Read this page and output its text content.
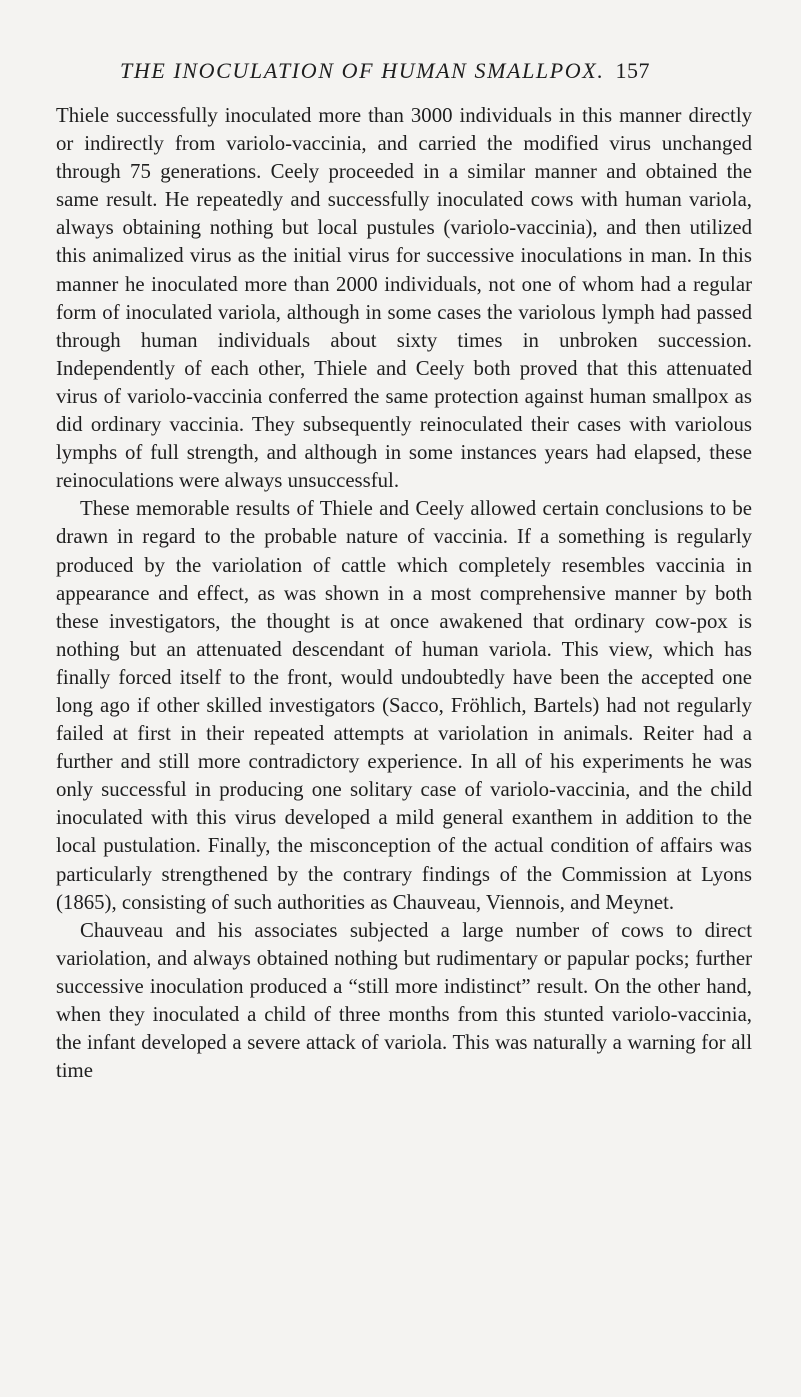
THE INOCULATION OF HUMAN SMALLPOX. 157

Thiele successfully inoculated more than 3000 individuals in this manner directly or indirectly from variolo-vaccinia, and carried the modified virus unchanged through 75 generations. Ceely proceeded in a similar manner and obtained the same result. He repeatedly and successfully inoculated cows with human variola, always obtaining nothing but local pustules (variolo-vaccinia), and then utilized this animalized virus as the initial virus for successive inoculations in man. In this manner he inoculated more than 2000 individuals, not one of whom had a regular form of inoculated variola, although in some cases the variolous lymph had passed through human individuals about sixty times in unbroken succession. Independently of each other, Thiele and Ceely both proved that this attenuated virus of variolo-vaccinia conferred the same protection against human smallpox as did ordinary vaccinia. They subsequently reinoculated their cases with variolous lymphs of full strength, and although in some instances years had elapsed, these reinoculations were always unsuccessful.

These memorable results of Thiele and Ceely allowed certain conclusions to be drawn in regard to the probable nature of vaccinia. If a something is regularly produced by the variolation of cattle which completely resembles vaccinia in appearance and effect, as was shown in a most comprehensive manner by both these investigators, the thought is at once awakened that ordinary cow-pox is nothing but an attenuated descendant of human variola. This view, which has finally forced itself to the front, would undoubtedly have been the accepted one long ago if other skilled investigators (Sacco, Fröhlich, Bartels) had not regularly failed at first in their repeated attempts at variolation in animals. Reiter had a further and still more contradictory experience. In all of his experiments he was only successful in producing one solitary case of variolo-vaccinia, and the child inoculated with this virus developed a mild general exanthem in addition to the local pustulation. Finally, the misconception of the actual condition of affairs was particularly strengthened by the contrary findings of the Commission at Lyons (1865), consisting of such authorities as Chauveau, Viennois, and Meynet.

Chauveau and his associates subjected a large number of cows to direct variolation, and always obtained nothing but rudimentary or papular pocks; further successive inoculation produced a “still more indistinct” result. On the other hand, when they inoculated a child of three months from this stunted variolo-vaccinia, the infant developed a severe attack of variola. This was naturally a warning for all time
